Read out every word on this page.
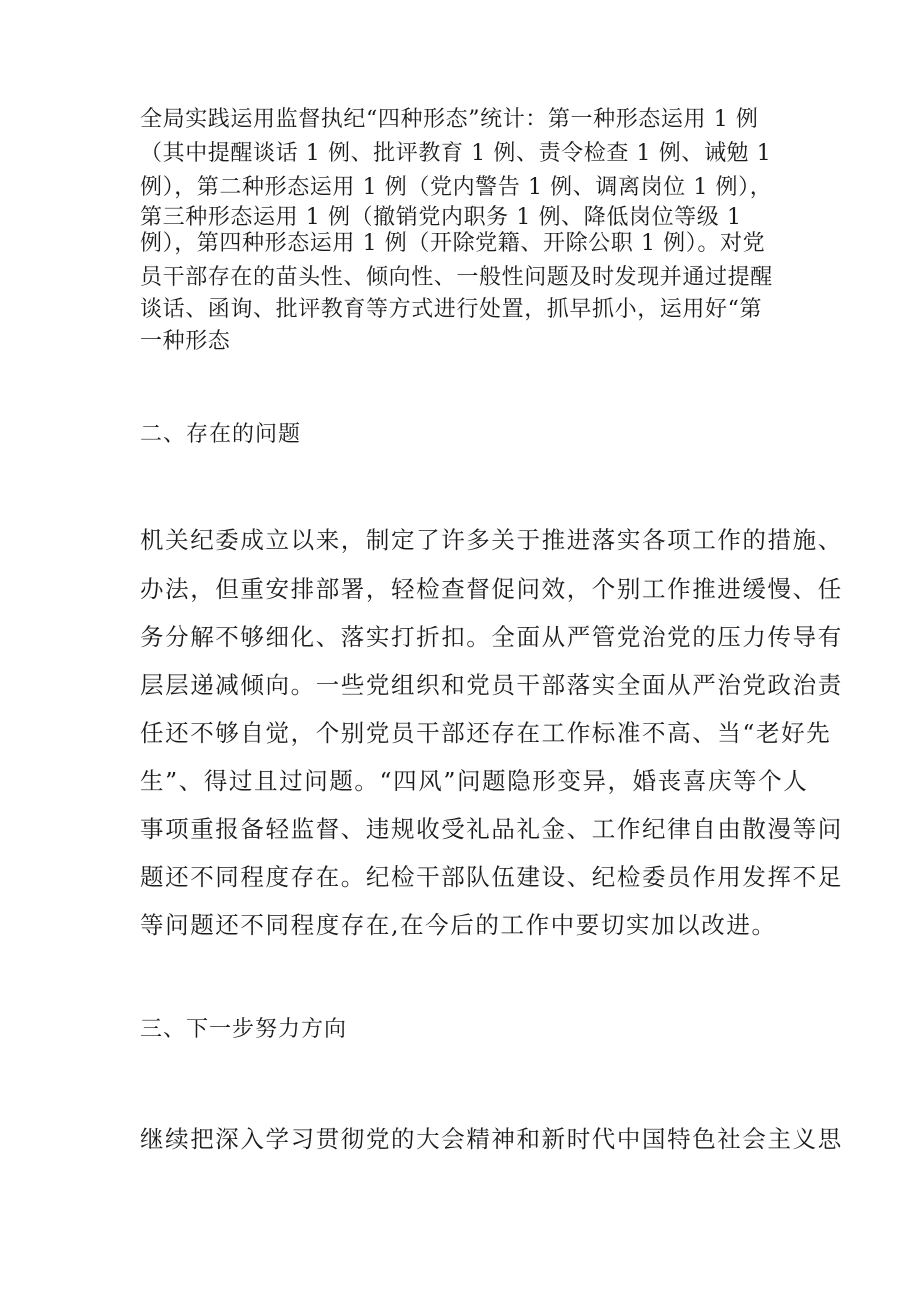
全局实践运用监督执纪“四种形态”统计：第一种形态运用 1 例

（其中提醒谈话 1 例、批评教育 1 例、责令检查 1 例、诫勉 1

例），第二种形态运用 1 例（党内警告 1 例、调离岗位 1 例），

第三种形态运用 1 例（撤销党内职务 1 例、降低岗位等级 1

例），第四种形态运用 1 例（开除党籍、开除公职 1 例）。对党

员干部存在的苗头性、倾向性、一般性问题及时发现并通过提醒

谈话、函询、批评教育等方式进行处置，抓早抓小，运用好“第

一种形态

二、存在的问题

机关纪委成立以来，制定了许多关于推进落实各项工作的措施、

办法，但重安排部署，轻检查督促问效，个别工作推进缓慢、任

务分解不够细化、落实打折扣。全面从严管党治党的压力传导有

层层递减倾向。一些党组织和党员干部落实全面从严治党政治责

任还不够自觉，个别党员干部还存在工作标准不高、当“老好先

生”、得过且过问题。“四风”问题隐形变异，婚丧喜庆等个人

事项重报备轻监督、违规收受礼品礼金、工作纪律自由散漫等问

题还不同程度存在。纪检干部队伍建设、纪检委员作用发挥不足

等问题还不同程度存在,在今后的工作中要切实加以改进。

三、下一步努力方向

继续把深入学习贯彻党的大会精神和新时代中国特色社会主义思
